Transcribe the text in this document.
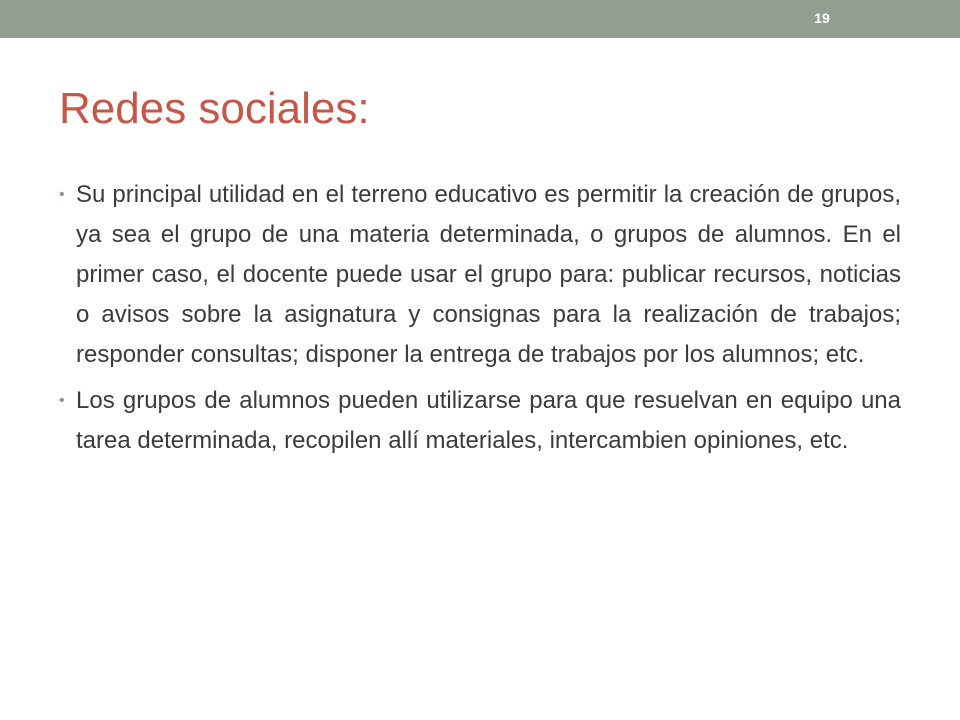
19
Redes sociales:
• Su principal utilidad en el terreno educativo es permitir la creación de grupos, ya sea el grupo de una materia determinada, o grupos de alumnos. En el primer caso, el docente puede usar el grupo para: publicar recursos, noticias o avisos sobre la asignatura y consignas para la realización de trabajos; responder consultas; disponer la entrega de trabajos por los alumnos; etc.
• Los grupos de alumnos pueden utilizarse para que resuelvan en equipo una tarea determinada, recopilen allí materiales, intercambien opiniones, etc.
